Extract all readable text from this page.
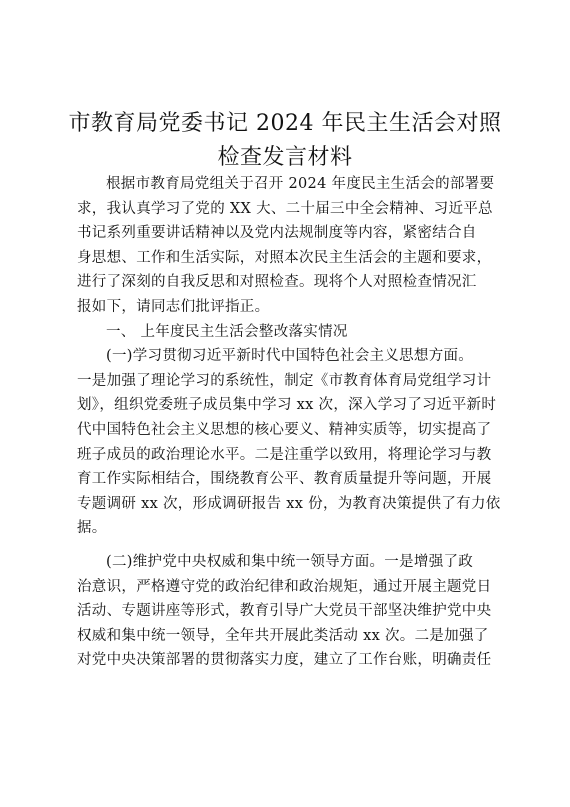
市教育局党委书记 2024 年民主生活会对照
检查发言材料
根据市教育局党组关于召开 2024 年度民主生活会的部署要
求，我认真学习了党的 XX 大、二十届三中全会精神、习近平总
书记系列重要讲话精神以及党内法规制度等内容，紧密结合自
身思想、工作和生活实际，对照本次民主生活会的主题和要求，
进行了深刻的自我反思和对照检查。现将个人对照检查情况汇
报如下，请同志们批评指正。
一、 上年度民主生活会整改落实情况
(一)学习贯彻习近平新时代中国特色社会主义思想方面。
一是加强了理论学习的系统性，制定《市教育体育局党组学习计
划》，组织党委班子成员集中学习 xx 次，深入学习了习近平新时
代中国特色社会主义思想的核心要义、精神实质等，切实提高了
班子成员的政治理论水平。二是注重学以致用，将理论学习与教
育工作实际相结合，围绕教育公平、教育质量提升等问题，开展
专题调研 xx 次，形成调研报告 xx 份，为教育决策提供了有力依
据。
(二)维护党中央权威和集中统一领导方面。一是增强了政
治意识，严格遵守党的政治纪律和政治规矩，通过开展主题党日
活动、专题讲座等形式，教育引导广大党员干部坚决维护党中央
权威和集中统一领导，全年共开展此类活动 xx 次。二是加强了
对党中央决策部署的贯彻落实力度，建立了工作台账，明确责任
